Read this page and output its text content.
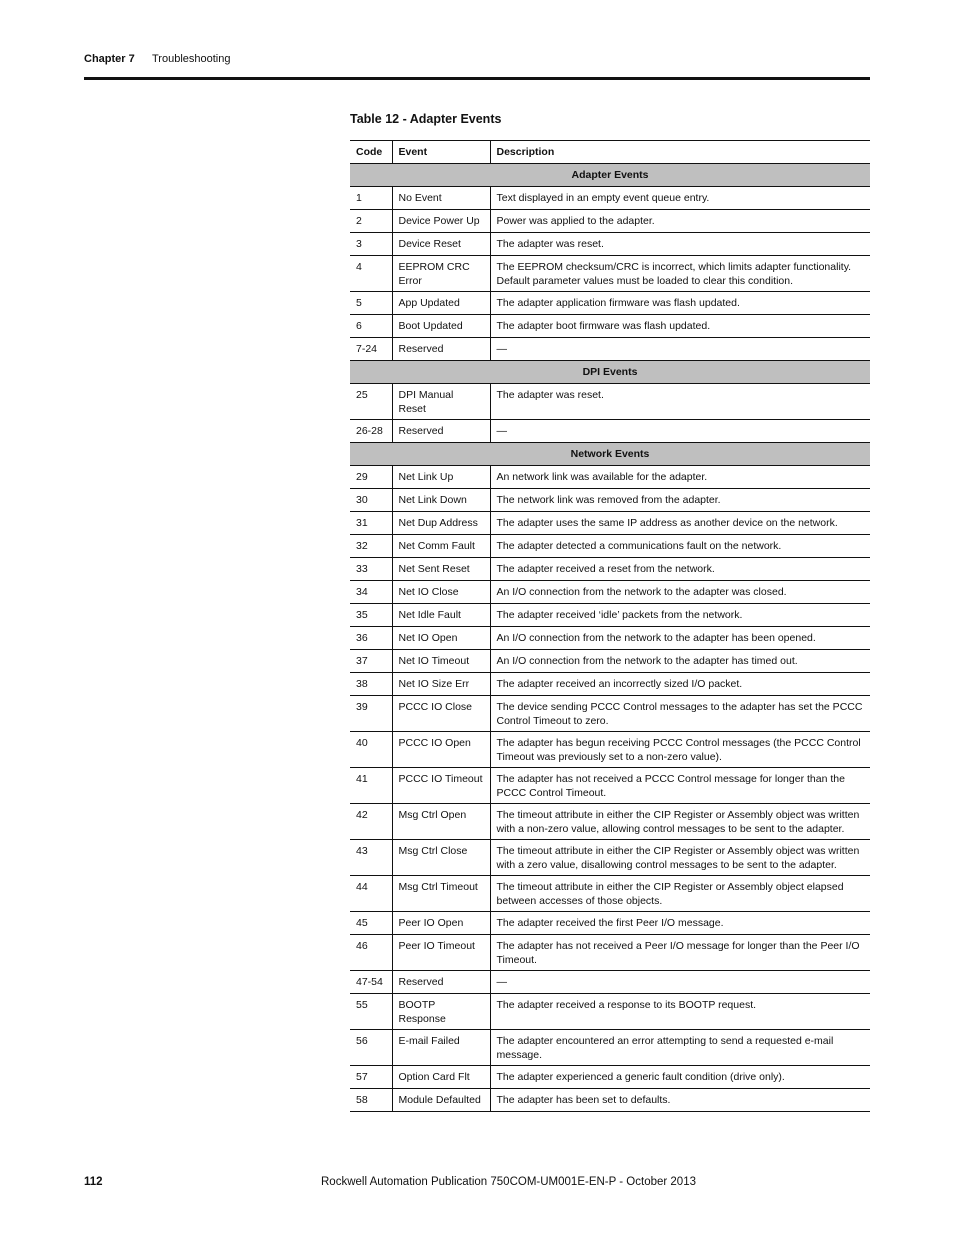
Chapter 7 Troubleshooting
Table 12 - Adapter Events
Code	Event	Description
Adapter Events		

1	No Event	Text displayed in an empty event queue entry.

2	Device Power Up	Power was applied to the adapter.

3	Device Reset	The adapter was reset.

4	EEPROM CRC Error	The EEPROM checksum/CRC is incorrect, which limits adapter functionality. Default parameter values must be loaded to clear this condition.

5	App Updated	The adapter application firmware was flash updated.

6	Boot Updated	The adapter boot firmware was flash updated.

7-24	Reserved	—

DPI Events		

25	DPI Manual Reset	The adapter was reset.

26-28	Reserved	—

Network Events		

29	Net Link Up	An network link was available for the adapter.

30	Net Link Down	The network link was removed from the adapter.

31	Net Dup Address	The adapter uses the same IP address as another device on the network.

32	Net Comm Fault	The adapter detected a communications fault on the network.

33	Net Sent Reset	The adapter received a reset from the network.

34	Net IO Close	An I/O connection from the network to the adapter was closed.

35	Net Idle Fault	The adapter received ‘idle’ packets from the network.

36	Net IO Open	An I/O connection from the network to the adapter has been opened.

37	Net IO Timeout	An I/O connection from the network to the adapter has timed out.

38	Net IO Size Err	The adapter received an incorrectly sized I/O packet.

39	PCCC IO Close	The device sending PCCC Control messages to the adapter has set the PCCC Control Timeout to zero.

40	PCCC IO Open	The adapter has begun receiving PCCC Control messages (the PCCC Control Timeout was previously set to a non-zero value).

41	PCCC IO Timeout	The adapter has not received a PCCC Control message for longer than the PCCC Control Timeout.

42	Msg Ctrl Open	The timeout attribute in either the CIP Register or Assembly object was written with a non-zero value, allowing control messages to be sent to the adapter.

43	Msg Ctrl Close	The timeout attribute in either the CIP Register or Assembly object was written with a zero value, disallowing control messages to be sent to the adapter.

44	Msg Ctrl Timeout	The timeout attribute in either the CIP Register or Assembly object elapsed between accesses of those objects.

45	Peer IO Open	The adapter received the first Peer I/O message.

46	Peer IO Timeout	The adapter has not received a Peer I/O message for longer than the Peer I/O Timeout.

47-54	Reserved	—

55	BOOTP Response	The adapter received a response to its BOOTP request.

56	E-mail Failed	The adapter encountered an error attempting to send a requested e-mail message.

57	Option Card Flt	The adapter experienced a generic fault condition (drive only).

58	Module Defaulted	The adapter has been set to defaults.
112	Rockwell Automation Publication 750COM-UM001E-EN-P - October 2013
